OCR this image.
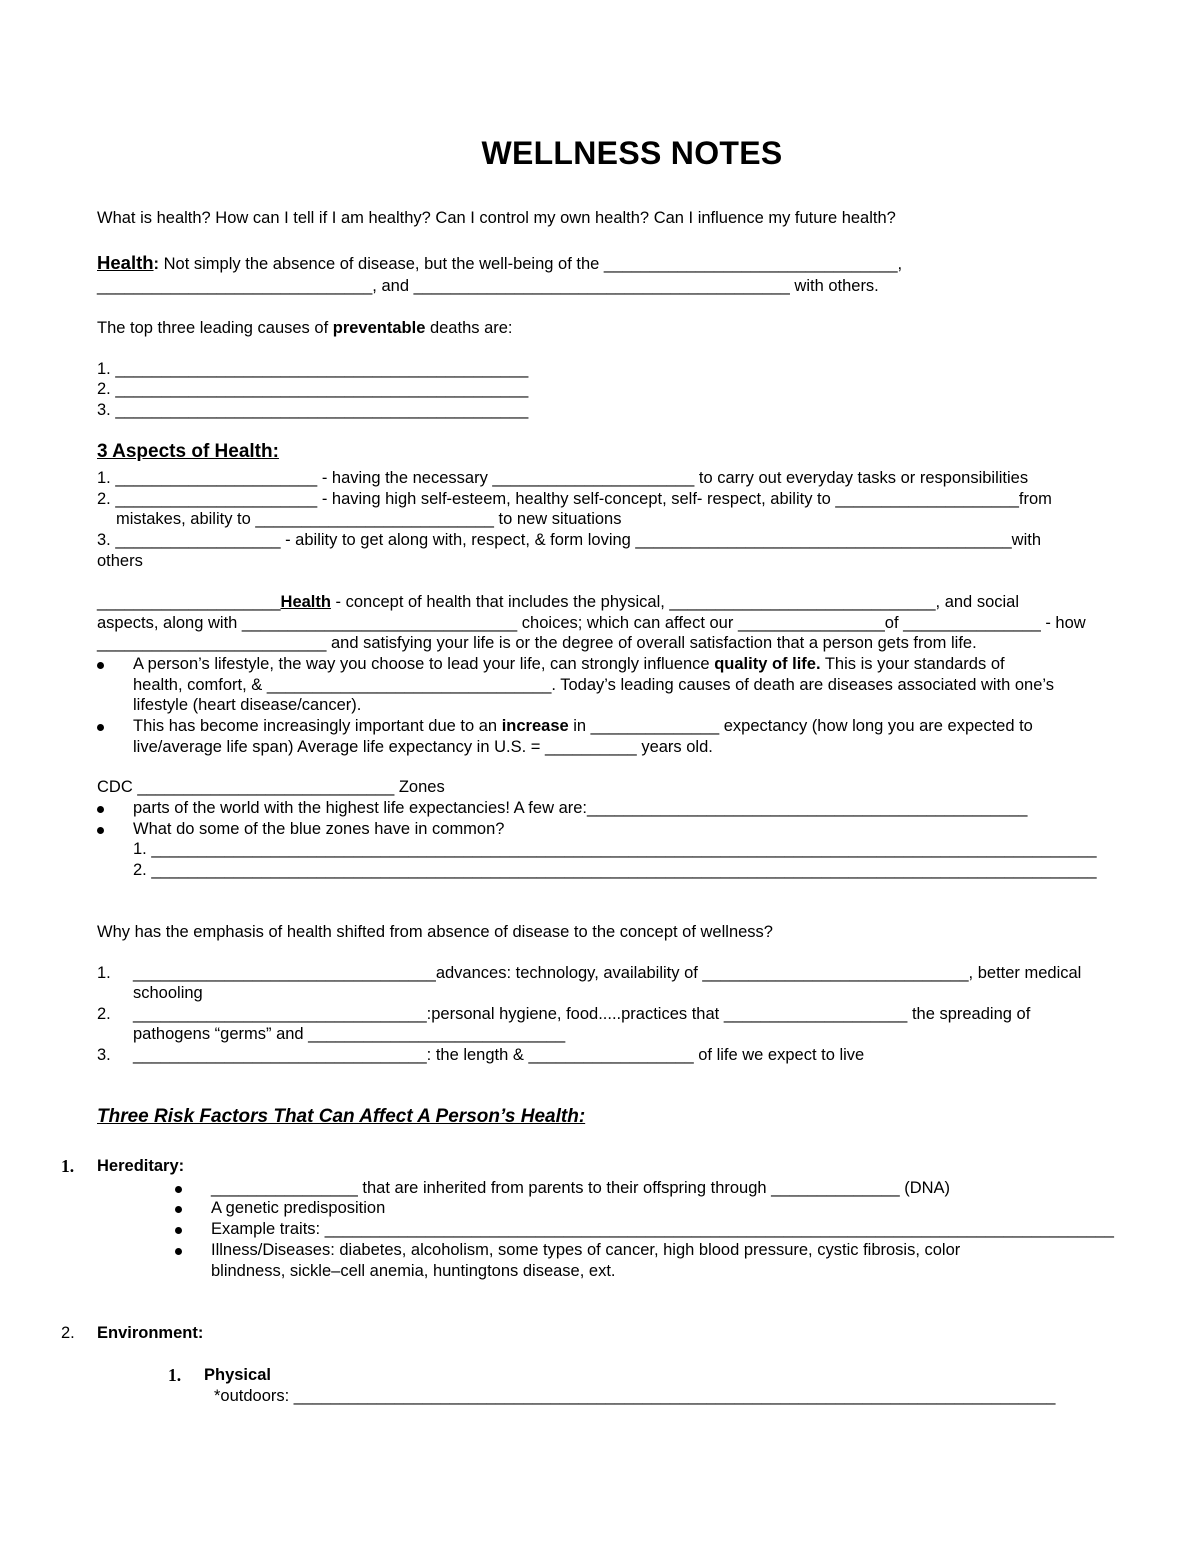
WELLNESS NOTES
What is health? How can I tell if I am healthy? Can I control my own health? Can I influence my future health?
Health: Not simply the absence of disease, but the well-being of the ________________________________,
______________________________, and _________________________________________ with others.
The top three leading causes of preventable deaths are:
1. _____________________________________________
2. _____________________________________________
3. _____________________________________________
3 Aspects of Health:
1. ______________________ - having the necessary ______________________ to carry out everyday tasks or responsibilities
2. ______________________ - having high self-esteem, healthy self-concept, self- respect, ability to ____________________from
mistakes, ability to __________________________ to new situations
3. __________________ - ability to get along with, respect, & form loving _________________________________________with
others
____________________Health - concept of health that includes the physical, _____________________________, and social
aspects, along with ______________________________ choices; which can affect our ________________of _______________ - how
_________________________ and satisfying your life is or the degree of overall satisfaction that a person gets from life.
A person’s lifestyle, the way you choose to lead your life, can strongly influence quality of life. This is your standards of
health, comfort, & _______________________________. Today’s leading causes of death are diseases associated with one’s
lifestyle (heart disease/cancer).
This has become increasingly important due to an increase in ______________ expectancy (how long you are expected to
live/average life span) Average life expectancy in U.S. = __________ years old.
CDC ____________________________ Zones
parts of the world with the highest life expectancies! A few are:________________________________________________
What do some of the blue zones have in common?
1. _______________________________________________________________________________________________________
2. _______________________________________________________________________________________________________
Why has the emphasis of health shifted from absence of disease to the concept of wellness?
1. _________________________________advances: technology, availability of _____________________________, better medical
schooling
2. ________________________________:personal hygiene, food.....practices that ____________________ the spreading of
pathogens “germs” and ____________________________
3. ________________________________: the length & __________________ of life we expect to live
Three Risk Factors That Can Affect A Person’s Health:
1. Hereditary:
________________ that are inherited from parents to their offspring through ______________ (DNA)
A genetic predisposition
Example traits: ______________________________________________________________________________________
Illness/Diseases: diabetes, alcoholism, some types of cancer, high blood pressure, cystic fibrosis, color
blindness, sickle–cell anemia, huntingtons disease, ext.
2. Environment:
1. Physical
*outdoors: ___________________________________________________________________________________
